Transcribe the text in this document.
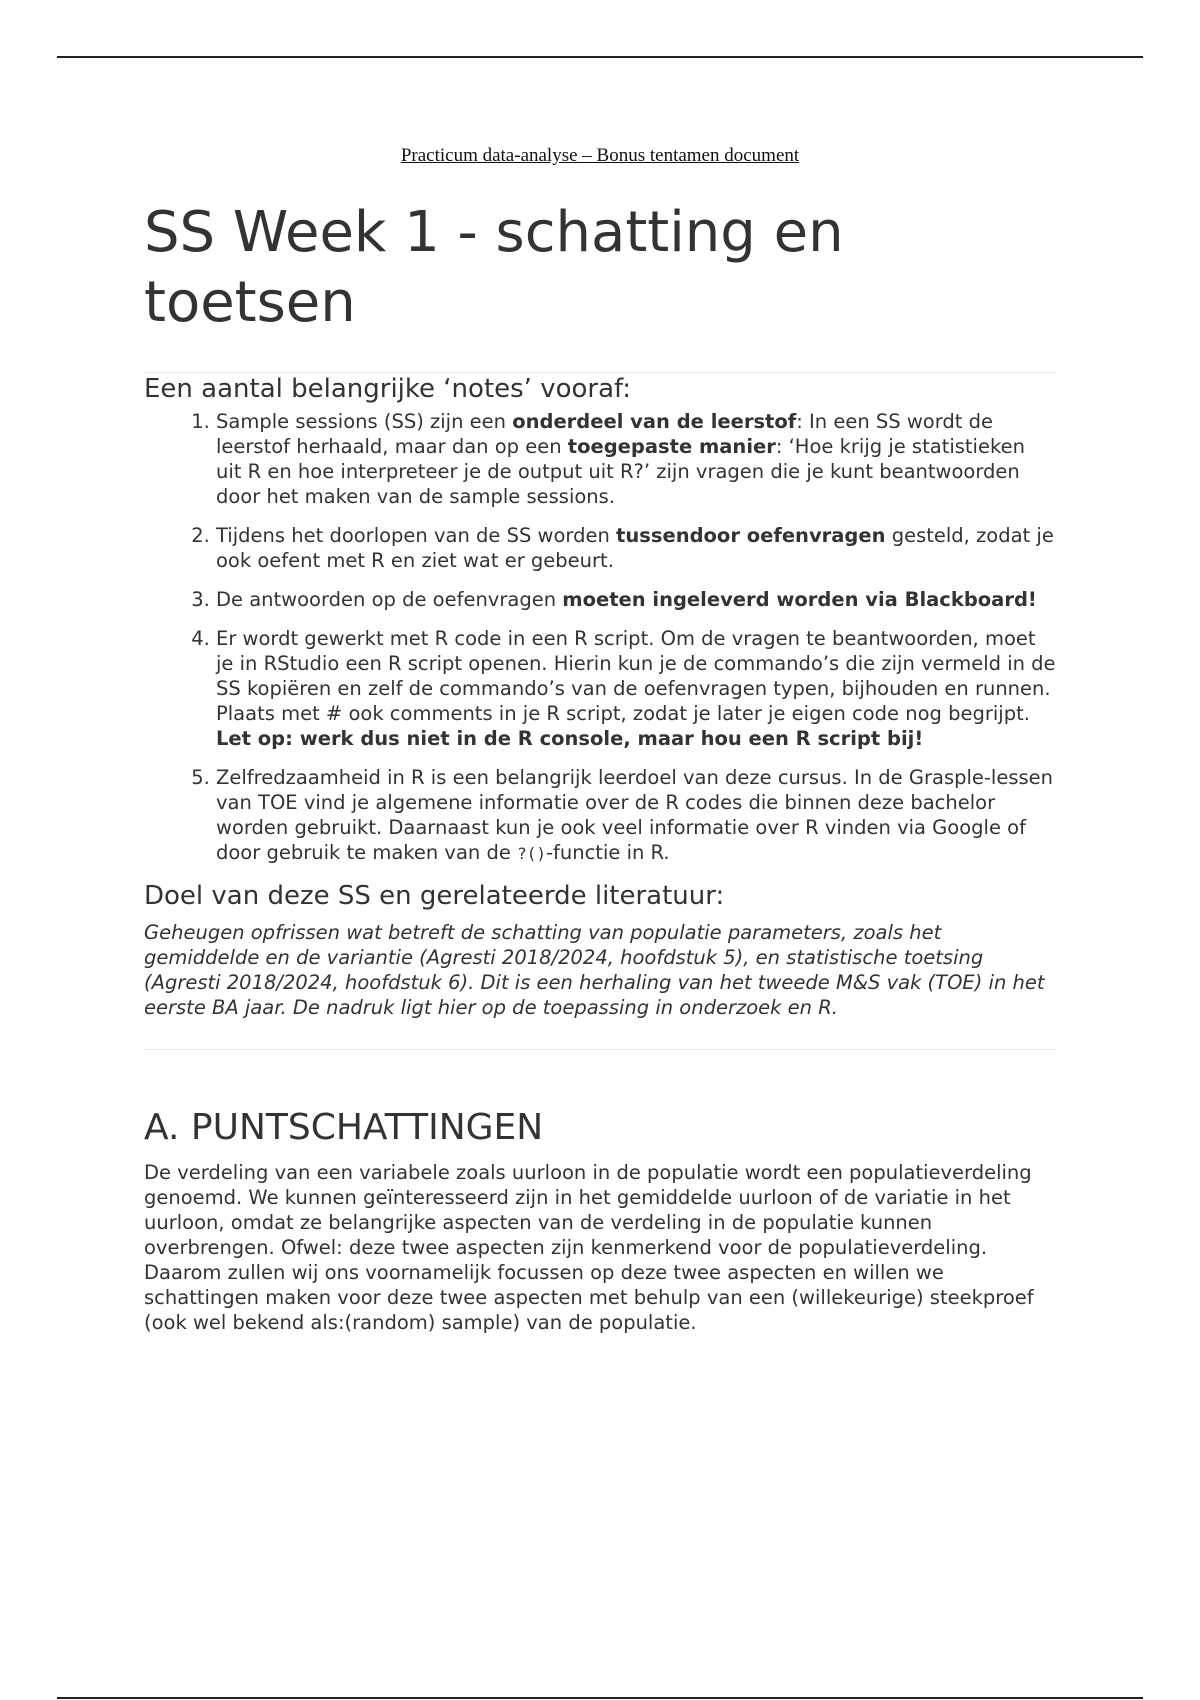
Practicum data-analyse – Bonus tentamen document
SS Week 1 - schatting en toetsen
Een aantal belangrijke ‘notes’ vooraf:
1. Sample sessions (SS) zijn een onderdeel van de leerstof: In een SS wordt de leerstof herhaald, maar dan op een toegepaste manier: ‘Hoe krijg je statistieken uit R en hoe interpreteer je de output uit R?’ zijn vragen die je kunt beantwoorden door het maken van de sample sessions.
2. Tijdens het doorlopen van de SS worden tussendoor oefenvragen gesteld, zodat je ook oefent met R en ziet wat er gebeurt.
3. De antwoorden op de oefenvragen moeten ingeleverd worden via Blackboard!
4. Er wordt gewerkt met R code in een R script. Om de vragen te beantwoorden, moet je in RStudio een R script openen. Hierin kun je de commando’s die zijn vermeld in de SS kopiëren en zelf de commando’s van de oefenvragen typen, bijhouden en runnen. Plaats met # ook comments in je R script, zodat je later je eigen code nog begrijpt. Let op: werk dus niet in de R console, maar hou een R script bij!
5. Zelfredzaamheid in R is een belangrijk leerdoel van deze cursus. In de Grasple-lessen van TOE vind je algemene informatie over de R codes die binnen deze bachelor worden gebruikt. Daarnaast kun je ook veel informatie over R vinden via Google of door gebruik te maken van de ?()-functie in R.
Doel van deze SS en gerelateerde literatuur:

Geheugen opfrissen wat betreft de schatting van populatie parameters, zoals het gemiddelde en de variantie (Agresti 2018/2024, hoofdstuk 5), en statistische toetsing (Agresti 2018/2024, hoofdstuk 6). Dit is een herhaling van het tweede M&S vak (TOE) in het eerste BA jaar. De nadruk ligt hier op de toepassing in onderzoek en R.

A. PUNTSCHATTINGEN

De verdeling van een variabele zoals uurloon in de populatie wordt een populatieverdeling genoemd. We kunnen geïnteresseerd zijn in het gemiddelde uurloon of de variatie in het uurloon, omdat ze belangrijke aspecten van de verdeling in de populatie kunnen overbrengen. Ofwel: deze twee aspecten zijn kenmerkend voor de populatieverdeling. Daarom zullen wij ons voornamelijk focussen op deze twee aspecten en willen we schattingen maken voor deze twee aspecten met behulp van een (willekeurige) steekproef (ook wel bekend als:(random) sample) van de populatie.
